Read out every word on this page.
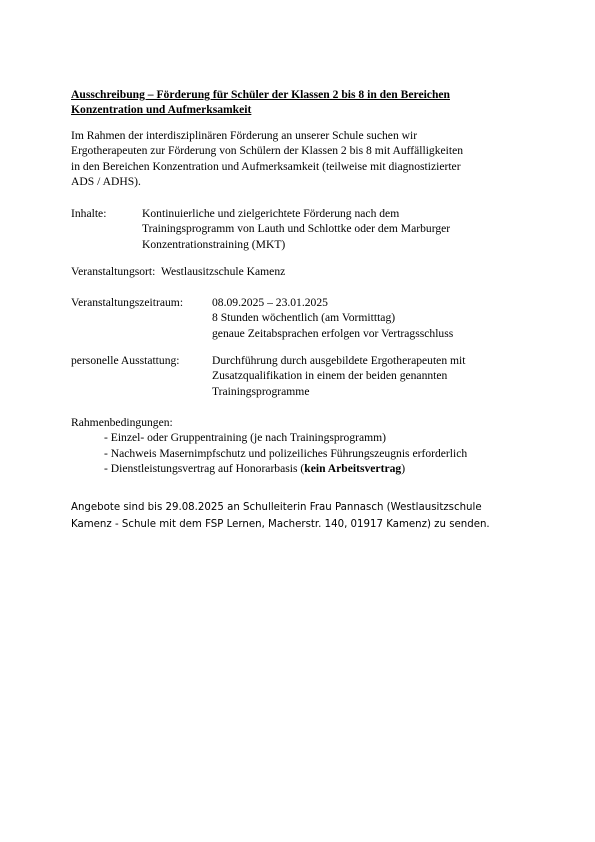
Ausschreibung – Förderung für Schüler der Klassen 2 bis 8 in den Bereichen
Konzentration und Aufmerksamkeit
Im Rahmen der interdisziplinären Förderung an unserer Schule suchen wir
Ergotherapeuten zur Förderung von Schülern der Klassen 2 bis 8 mit Auffälligkeiten
in den Bereichen Konzentration und Aufmerksamkeit (teilweise mit diagnostizierter
ADS / ADHS).
Inhalte:	Kontinuierliche und zielgerichtete Förderung nach dem
Trainingsprogramm von Lauth und Schlottke oder dem Marburger
Konzentrationstraining (MKT)
Veranstaltungsort: Westlausitzschule Kamenz
Veranstaltungszeitraum: 08.09.2025 – 23.01.2025
8 Stunden wöchentlich (am Vormitttag)
genaue Zeitabsprachen erfolgen vor Vertragsschluss
personelle Ausstattung:	Durchführung durch ausgebildete Ergotherapeuten mit
Zusatzqualifikation in einem der beiden genannten
Trainingsprogramme
Rahmenbedingungen:
- Einzel- oder Gruppentraining (je nach Trainingsprogramm)
- Nachweis Masernimpfschutz und polizeiliches Führungszeugnis erforderlich
- Dienstleistungsvertrag auf Honorarbasis (kein Arbeitsvertrag)
Angebote sind bis 29.08.2025 an Schulleiterin Frau Pannasch (Westlausitzschule
Kamenz - Schule mit dem FSP Lernen, Macherstr. 140, 01917 Kamenz) zu senden.
